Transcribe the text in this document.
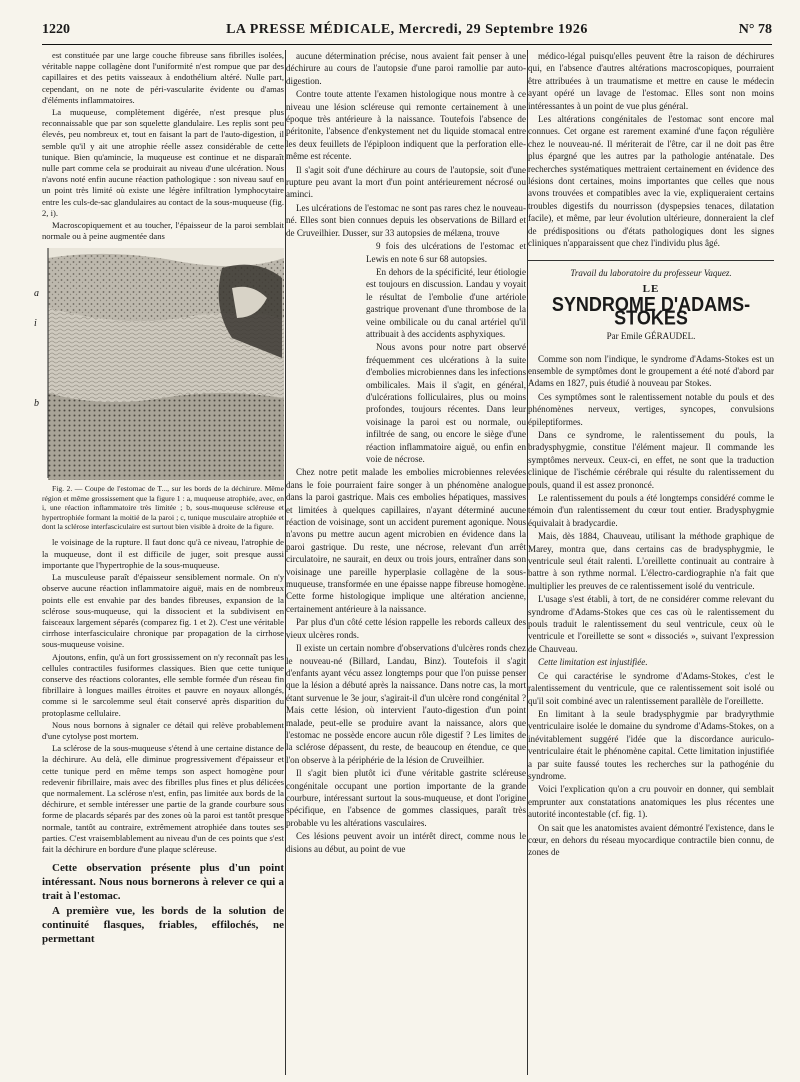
1220	LA PRESSE MÉDICALE, Mercredi, 29 Septembre 1926	N° 78

est constituée par une large couche fibreuse sans fibrilles isolées, véritable nappe collagène dont l'uniformité n'est rompue que par des capillaires et des petits vaisseaux à endothélium altéré. Nulle part, cependant, on ne note de péri-vascularite évidente ou d'amas d'éléments inflammatoires.

La muqueuse, complètement digérée, n'est presque plus reconnaissable que par son squelette glandulaire. Les replis sont peu élevés, peu nombreux et, tout en faisant la part de l'auto-digestion, il semble qu'il y ait une atrophie réelle assez considérable de cette tunique. Bien qu'amincie, la muqueuse est continue et ne disparaît nulle part comme cela se produirait au niveau d'une ulcération. Nous n'avons noté enfin aucune réaction pathologique : son niveau sauf en un point très limité où existe une légère infiltration lymphocytaire entre les culs-de-sac glandulaires au contact de la sous-muqueuse (fig. 2, i).

Macroscopiquement et au toucher, l'épaisseur de la paroi semblait normale ou à peine augmentée dans

a
i
b

Fig. 2. — Coupe de l'estomac de T..., sur les bords de la déchirure. Même région et même grossissement que la figure 1 : a, muqueuse atrophiée, avec, en i, une réaction inflammatoire très limitée ; b, sous-muqueuse scléreuse et hypertrophiée formant la moitié de la paroi ; c, tunique musculaire atrophiée et dont la sclérose interfasciculaire est surtout bien visible à droite de la figure.

le voisinage de la rupture. Il faut donc qu'à ce niveau, l'atrophie de la muqueuse, dont il est difficile de juger, soit presque aussi importante que l'hypertrophie de la sous-muqueuse.

La musculeuse paraît d'épaisseur sensiblement normale. On n'y observe aucune réaction inflammatoire aiguë, mais en de nombreux points elle est envahie par des bandes fibreuses, expansion de la sclérose sous-muqueuse, qui la dissocient et la subdivisent en faisceaux largement séparés (comparez fig. 1 et 2). C'est une véritable cirrhose interfasciculaire chronique par propagation de la cirrhose sous-muqueuse voisine.

Ajoutons, enfin, qu'à un fort grossissement on n'y reconnaît pas les cellules contractiles fusiformes classiques. Bien que cette tunique conserve des réactions colorantes, elle semble formée d'un réseau fin fibrillaire à longues mailles étroites et pauvre en noyaux allongés, comme si le sarcolemme seul était conservé après disparition du protoplasme cellulaire.

Nous nous bornons à signaler ce détail qui relève probablement d'une cytolyse post mortem.

La sclérose de la sous-muqueuse s'étend à une certaine distance de la déchirure. Au delà, elle diminue progressivement d'épaisseur et cette tunique perd en même temps son aspect homogène pour redevenir fibrillaire, mais avec des fibrilles plus fines et plus délicées que normalement. La sclérose n'est, enfin, pas limitée aux bords de la déchirure, et semble intéresser une partie de la grande courbure sous forme de placards séparés par des zones où la paroi est tantôt presque normale, tantôt au contraire, extrêmement atrophiée dans toutes ses parties. C'est vraisemblablement au niveau d'un de ces points que s'est fait la déchirure en bordure d'une plaque scléreuse.

Cette observation présente plus d'un point intéressant. Nous nous bornerons à relever ce qui a trait à l'estomac.

A première vue, les bords de la solution de continuité flasques, friables, effilochés, ne permettant

aucune détermination précise, nous avaient fait penser à une déchirure au cours de l'autopsie d'une paroi ramollie par auto-digestion.

Contre toute attente l'examen histologique nous montre à ce niveau une lésion scléreuse qui remonte certainement à une époque très antérieure à la naissance. Toutefois l'absence de péritonite, l'absence d'enkystement net du liquide stomacal entre les deux feuillets de l'épiploon indiquent que la perforation elle-même est récente.

Il s'agit soit d'une déchirure au cours de l'autopsie, soit d'une rupture peu avant la mort d'un point antérieurement nécrosé ou aminci.

Les ulcérations de l'estomac ne sont pas rares chez le nouveau-né. Elles sont bien connues depuis les observations de Billard et de Cruveilhier. Dusser, sur 33 autopsies de mélæna, trouve

9 fois des ulcérations de l'estomac et Lewis en note 6 sur 68 autopsies.

En dehors de la spécificité, leur étiologie est toujours en discussion. Landau y voyait le résultat de l'embolie d'une artériole gastrique provenant d'une thrombose de la veine ombilicale ou du canal artériel qu'il attribuait à des accidents asphyxiques.

Nous avons pour notre part observé fréquemment ces ulcérations à la suite d'embolies microbiennes dans les infections ombilicales. Mais il s'agit, en général, d'ulcérations folliculaires, plus ou moins profondes, toujours récentes. Dans leur voisinage la paroi est ou normale, ou infiltrée de sang, ou encore le siège d'une réaction inflammatoire aiguë, ou enfin en voie de nécrose.

Chez notre petit malade les embolies microbiennes relevées dans le foie pourraient faire songer à un phénomène analogue dans la paroi gastrique. Mais ces embolies hépatiques, massives et limitées à quelques capillaires, n'ayant déterminé aucune réaction de voisinage, sont un accident purement agonique. Nous n'avons pu mettre aucun agent microbien en évidence dans la paroi gastrique. Du reste, une nécrose, relevant d'un arrêt circulatoire, ne saurait, en deux ou trois jours, entraîner dans son voisinage une pareille hyperplasie collagène de la sous-muqueuse, transformée en une épaisse nappe fibreuse homogène. Cette forme histologique implique une altération ancienne, certainement antérieure à la naissance.

Par plus d'un côté cette lésion rappelle les rebords calleux des vieux ulcères ronds.

Il existe un certain nombre d'observations d'ulcères ronds chez le nouveau-né (Billard, Landau, Binz). Toutefois il s'agit d'enfants ayant vécu assez longtemps pour que l'on puisse penser que la lésion a débuté après la naissance. Dans notre cas, la mort étant survenue le 3e jour, s'agirait-il d'un ulcère rond congénital ? Mais cette lésion, où intervient l'auto-digestion d'un point malade, peut-elle se produire avant la naissance, alors que l'estomac ne possède encore aucun rôle digestif ? Les limites de la sclérose dépassent, du reste, de beaucoup en étendue, ce que l'on observe à la périphérie de la lésion de Cruveilhier.

Il s'agit bien plutôt ici d'une véritable gastrite scléreuse congénitale occupant une portion importante de la grande courbure, intéressant surtout la sous-muqueuse, et dont l'origine spécifique, en l'absence de gommes classiques, paraît très probable vu les altérations vasculaires.

Ces lésions peuvent avoir un intérêt direct, comme nous le disions au début, au point de vue

médico-légal puisqu'elles peuvent être la raison de déchirures qui, en l'absence d'autres altérations macroscopiques, pourraient être attribuées à un traumatisme et mettre en cause le médecin ayant opéré un lavage de l'estomac. Elles sont non moins intéressantes à un point de vue plus général.

Les altérations congénitales de l'estomac sont encore mal connues. Cet organe est rarement examiné d'une façon régulière chez le nouveau-né. Il mériterait de l'être, car il ne doit pas être plus épargné que les autres par la pathologie anténatale. Des recherches systématiques mettraient certainement en évidence des lésions dont certaines, moins importantes que celles que nous avons trouvées et compatibles avec la vie, expliqueraient certains troubles digestifs du nourrisson (dyspepsies tenaces, dilatation facile), et même, par leur évolution ultérieure, donneraient la clef de prédispositions ou d'états pathologiques dont les signes cliniques n'apparaissent que chez l'individu plus âgé.

Travail du laboratoire du professeur Vaquez.
LE
SYNDROME D'ADAMS-STOKES
Par Emile GÉRAUDEL.

Comme son nom l'indique, le syndrome d'Adams-Stokes est un ensemble de symptômes dont le groupement a été noté d'abord par Adams en 1827, puis étudié à nouveau par Stokes.

Ces symptômes sont le ralentissement notable du pouls et des phénomènes nerveux, vertiges, syncopes, convulsions épileptiformes.

Dans ce syndrome, le ralentissement du pouls, la bradysphygmie, constitue l'élément majeur. Il commande les symptômes nerveux. Ceux-ci, en effet, ne sont que la traduction clinique de l'ischémie cérébrale qui résulte du ralentissement du pouls, quand il est assez prononcé.

Le ralentissement du pouls a été longtemps considéré comme le témoin d'un ralentissement du cœur tout entier. Bradysphygmie équivalait à bradycardie.

Mais, dès 1884, Chauveau, utilisant la méthode graphique de Marey, montra que, dans certains cas de bradysphygmie, le ventricule seul était ralenti. L'oreillette continuait au contraire à battre à son rythme normal. L'électro-cardiographie n'a fait que multiplier les preuves de ce ralentissement isolé du ventricule.

L'usage s'est établi, à tort, de ne considérer comme relevant du syndrome d'Adams-Stokes que ces cas où le ralentissement du pouls traduit le ralentissement du seul ventricule, ceux où le ventricule et l'oreillette se sont « dissociés », suivant l'expression de Chauveau.

Cette limitation est injustifiée.

Ce qui caractérise le syndrome d'Adams-Stokes, c'est le ralentissement du ventricule, que ce ralentissement soit isolé ou qu'il soit combiné avec un ralentissement parallèle de l'oreillette.

En limitant à la seule bradysphygmie par bradyrythmie ventriculaire isolée le domaine du syndrome d'Adams-Stokes, on a inévitablement suggéré l'idée que la discordance auriculo-ventriculaire était le phénomène capital. Cette limitation injustifiée a par suite faussé toutes les recherches sur la pathogénie du syndrome.

Voici l'explication qu'on a cru pouvoir en donner, qui semblait emprunter aux constatations anatomiques les plus récentes une autorité incontestable (cf. fig. 1).

On sait que les anatomistes avaient démontré l'existence, dans le cœur, en dehors du réseau myocardique contractile bien connu, de zones de
